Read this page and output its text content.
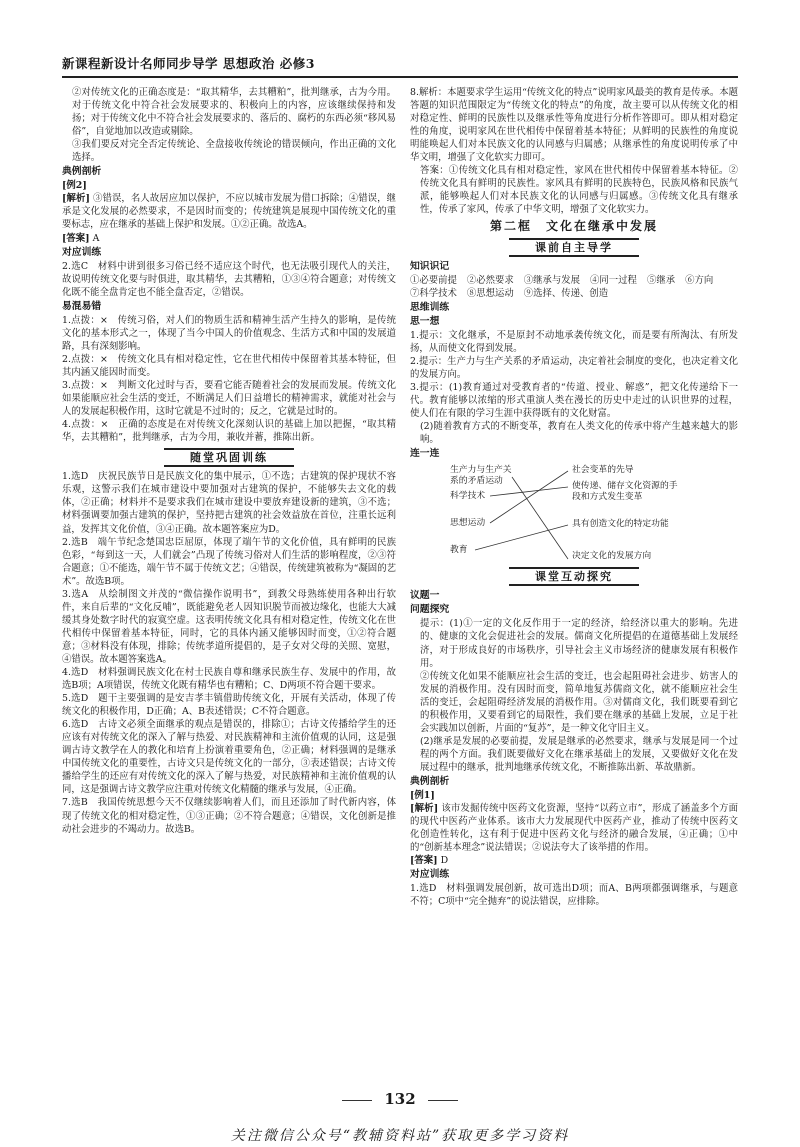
新课程新设计名师同步导学 思想政治 必修3

②对传统文化的正确态度是：“取其精华，去其糟粕”，批判继承，古为今用。对于传统文化中符合社会发展要求的、积极向上的内容，应该继续保持和发扬；对于传统文化中不符合社会发展要求的、落后的、腐朽的东西必须“移风易俗”，自觉地加以改造或剔除。

③我们要反对完全否定传统论、全盘接收传统论的错误倾向，作出正确的文化选择。

典例剖析

[例2]

[解析] ③错误，名人故居应加以保护，不应以城市发展为借口拆除；④错误，继承是文化发展的必然要求，不是因时而变的；传统建筑是展现中国传统文化的重要标志，应在继承的基础上保护和发展。①②正确。故选A。

[答案] A

对应训练

2.选C　材料中讲到很多习俗已经不适应这个时代，也无法吸引现代人的关注，故说明传统文化要与时俱进，取其精华，去其糟粕，①③④符合题意；对传统文化既不能全盘肯定也不能全盘否定，②错误。

易混易错

1.点拨：×　传统习俗，对人们的物质生活和精神生活产生持久的影响，是传统文化的基本形式之一，体现了当今中国人的价值观念、生活方式和中国的发展道路，具有深刻影响。

2.点拨：×　传统文化具有相对稳定性，它在世代相传中保留着其基本特征，但其内涵又能因时而变。

3.点拨：×　判断文化过时与否，要看它能否随着社会的发展而发展。传统文化如果能顺应社会生活的变迁，不断满足人们日益增长的精神需求，就能对社会与人的发展起积极作用，这时它就是不过时的；反之，它就是过时的。

4.点拨：×　正确的态度是在对传统文化深刻认识的基础上加以把握，“取其精华，去其糟粕”，批判继承，古为今用，兼收并蓄，推陈出新。

随堂巩固训练

1.选D　庆祝民族节日是民族文化的集中展示，①不选；古建筑的保护现状不容乐观，这警示我们在城市建设中要加强对古建筑的保护，不能够失去文化的载体，②正确；材料并不是要求我们在城市建设中要放弃建设新的建筑，③不选；材料强调要加强古建筑的保护，坚持把古建筑的社会效益放在首位，注重长远利益，发挥其文化价值，③④正确。故本题答案应为D。

2.选B　端午节纪念楚国忠臣屈原，体现了端午节的文化价值，具有鲜明的民族色彩，“每到这一天，人们就会”凸现了传统习俗对人们生活的影响程度，②③符合题意；①不能选，端午节不属于传统文艺；④错误，传统建筑被称为“凝固的艺术”。故选B项。

3.选A　从绘制图文并茂的“微信操作说明书”，到教父母熟练使用各种出行软件，来自后辈的“文化反哺”，既能避免老人因知识脱节而被边缘化，也能大大减缓其身处数字时代的寂寞空虚。这表明传统文化具有相对稳定性，传统文化在世代相传中保留着基本特征，同时，它的具体内涵又能够因时而变，①②符合题意；③材料没有体现，排除；传统孝道所提倡的，是子女对父母的关照、宽慰，④错误。故本题答案选A。

4.选D　材料强调民族文化在村士民族自尊和继承民族生存、发展中的作用，故选B项；A项错误，传统文化既有精华也有糟粕；C、D两项不符合题干要求。

5.选D　题干主要强调的是安吉孝丰镇借助传统文化，开展有关活动，体现了传统文化的积极作用，D正确；A、B表述错误；C不符合题意。

6.选D　古诗文必须全面继承的观点是错误的，排除①；古诗文传播给学生的还应该有对传统文化的深入了解与热爱、对民族精神和主流价值观的认同，这是强调古诗文教学在人的教化和培育上扮演着重要角色，②正确；材料强调的是继承中国传统文化的重要性，古诗文只是传统文化的一部分，③表述错误；古诗文传播给学生的还应有对传统文化的深入了解与热爱，对民族精神和主流价值观的认同，这是强调古诗文教学应注重对传统文化精髓的继承与发展，④正确。

7.选B　我国传统思想今天不仅继续影响着人们，而且还添加了时代新内容，体现了传统文化的相对稳定性，①③正确；②不符合题意；④错误，文化创新是推动社会进步的不竭动力。故选B。

8.解析：本题要求学生运用“传统文化的特点”说明家风最美的教育是传承。本题答题的知识范围限定为“传统文化的特点”的角度，故主要可以从传统文化的相对稳定性、鲜明的民族性以及继承性等角度进行分析作答即可。即从相对稳定性的角度，说明家风在世代相传中保留着基本特征；从鲜明的民族性的角度说明能唤起人们对本民族文化的认同感与归属感；从继承性的角度说明传承了中华文明，增强了文化软实力即可。

答案：①传统文化具有相对稳定性，家风在世代相传中保留着基本特征。②传统文化具有鲜明的民族性。家风具有鲜明的民族特色，民族风格和民族气派，能够唤起人们对本民族文化的认同感与归属感。③传统文化具有继承性，传承了家风，传承了中华文明，增强了文化软实力。

第二框　文化在继承中发展

课前自主导学

知识识记

①必要前提 ②必然要求 ③继承与发展 ④同一过程 ⑤继承 ⑥方向
⑦科学技术 ⑧思想运动 ⑨选择、传递、创造

思维训练

思一想

1.提示：文化继承，不是原封不动地承袭传统文化，而是要有所淘汰、有所发扬，从而使文化得到发展。

2.提示：生产力与生产关系的矛盾运动，决定着社会制度的变化，也决定着文化的发展方向。

3.提示：(1)教育通过对受教育者的“传道、授业、解惑”，把文化传递给下一代。教育能够以浓缩的形式重演人类在漫长的历史中走过的认识世界的过程，使人们在有限的学习生涯中获得既有的文化财富。

(2)随着教育方式的不断变革，教育在人类文化的传承中将产生越来越大的影响。

连一连

生产力与生产关系的矛盾运动
科学技术
思想运动
教育
社会变革的先导
使传递、储存文化资源的手段和方式发生变革
具有创造文化的特定功能
决定文化的发展方向
课堂互动探究

议题一

问题探究

提示：(1)①一定的文化反作用于一定的经济，给经济以重大的影响。先进的、健康的文化会促进社会的发展。儒商文化所提倡的在道德基础上发展经济，对于形成良好的市场秩序，引导社会主义市场经济的健康发展有积极作用。

②传统文化如果不能顺应社会生活的变迁，也会起阻碍社会进步、妨害人的发展的消极作用。没有因时而变，简单地复苏儒商文化，就不能顺应社会生活的变迁，会起阻碍经济发展的消极作用。③对儒商文化，我们既要看到它的积极作用，又要看到它的局限性，我们要在继承的基础上发展，立足于社会实践加以创新，片面的“复苏”，是一种文化守旧主义。

(2)继承是发展的必要前提，发展是继承的必然要求，继承与发展是同一个过程的两个方面。我们既要做好文化在继承基础上的发展，又要做好文化在发展过程中的继承，批判地继承传统文化，不断推陈出新、革故鼎新。

典例剖析

[例1]

[解析] 该市发掘传统中医药文化资源，坚持“以药立市”，形成了涵盖多个方面的现代中医药产业体系。该市大力发展现代中医药产业，推动了传统中医药文化创造性转化，这有利于促进中医药文化与经济的融合发展，④正确；①中的“创新基本理念”说法错误；②说法夸大了该举措的作用。

[答案] D

对应训练

1.选D　材料强调发展创新，故可选出D项；而A、B两项都强调继承，与题意不符；C项中“完全抛弃”的说法错误，应排除。

132
关注微信公众号“教辅资料站”获取更多学习资料
